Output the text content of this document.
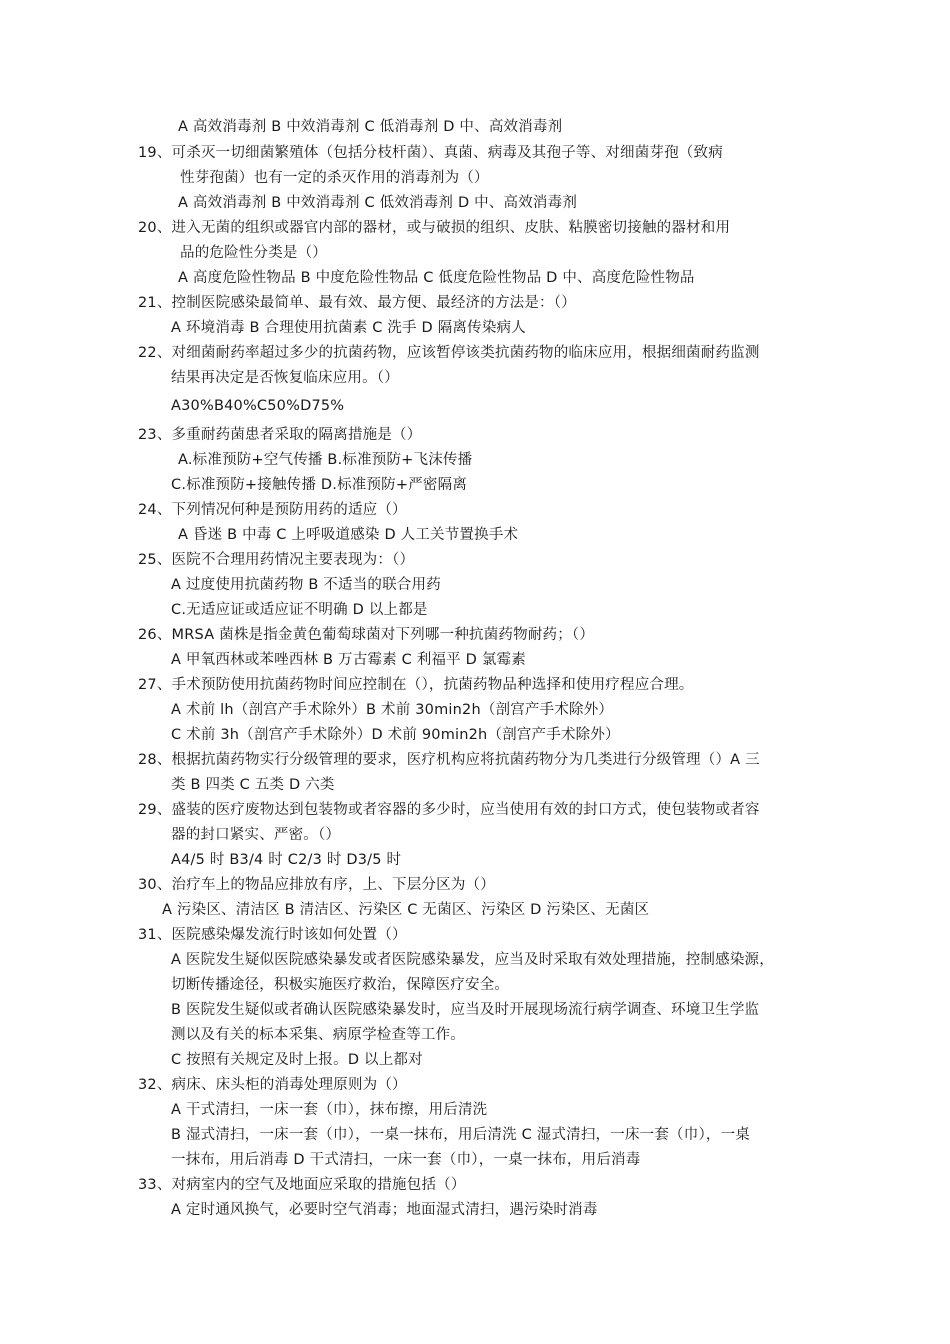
A 高效消毒剂 B 中效消毒剂 C 低消毒剂 D 中、高效消毒剂
19、可杀灭一切细菌繁殖体（包括分枝杆菌）、真菌、病毒及其孢子等、对细菌芽孢（致病
性芽孢菌）也有一定的杀灭作用的消毒剂为（）
A 高效消毒剂 B 中效消毒剂 C 低效消毒剂 D 中、高效消毒剂
20、进入无菌的组织或器官内部的器材，或与破损的组织、皮肤、粘膜密切接触的器材和用
品的危险性分类是（）
A 高度危险性物品 B 中度危险性物品 C 低度危险性物品 D 中、高度危险性物品
21、控制医院感染最简单、最有效、最方便、最经济的方法是：（）
A 环境消毒 B 合理使用抗菌素 C 洗手 D 隔离传染病人
22、对细菌耐药率超过多少的抗菌药物，应该暂停该类抗菌药物的临床应用，根据细菌耐药监测
结果再决定是否恢复临床应用。（）
A30%B40%C50%D75%
23、多重耐药菌患者采取的隔离措施是（）
A.标准预防+空气传播 B.标准预防+飞沫传播
C.标准预防+接触传播 D.标准预防+严密隔离
24、下列情况何种是预防用药的适应（）
A 昏迷 B 中毒 C 上呼吸道感染 D 人工关节置换手术
25、医院不合理用药情况主要表现为：（）
A 过度使用抗菌药物 B 不适当的联合用药
C.无适应证或适应证不明确 D 以上都是
26、MRSA 菌株是指金黄色葡萄球菌对下列哪一种抗菌药物耐药；（）
A 甲氧西林或苯唑西林 B 万古霉素 C 利福平 D 氯霉素
27、手术预防使用抗菌药物时间应控制在（），抗菌药物品种选择和使用疗程应合理。
A 术前 lh（剖宫产手术除外）B 术前 30min2h（剖宫产手术除外）
C 术前 3h（剖宫产手术除外）D 术前 90min2h（剖宫产手术除外）
28、根据抗菌药物实行分级管理的要求，医疗机构应将抗菌药物分为几类进行分级管理（）A 三
类 B 四类 C 五类 D 六类
29、盛装的医疗废物达到包装物或者容器的多少时，应当使用有效的封口方式，使包装物或者容
器的封口紧实、严密。（）
A4/5 时 B3/4 时 C2/3 时 D3/5 时
30、治疗车上的物品应排放有序，上、下层分区为（）
A 污染区、清洁区 B 清洁区、污染区 C 无菌区、污染区 D 污染区、无菌区
31、医院感染爆发流行时该如何处置（）
A 医院发生疑似医院感染暴发或者医院感染暴发，应当及时采取有效处理措施，控制感染源，
切断传播途径，积极实施医疗救治，保障医疗安全。
B 医院发生疑似或者确认医院感染暴发时，应当及时开展现场流行病学调查、环境卫生学监
测以及有关的标本采集、病原学检查等工作。
C 按照有关规定及时上报。D 以上都对
32、病床、床头柜的消毒处理原则为（）
A 干式清扫，一床一套（巾），抹布擦，用后清洗
B 湿式清扫，一床一套（巾），一桌一抹布，用后清洗 C 湿式清扫，一床一套（巾），一桌
一抹布，用后消毒 D 干式清扫，一床一套（巾），一桌一抹布，用后消毒
33、对病室内的空气及地面应采取的措施包括（）
A 定时通风换气，必要时空气消毒；地面湿式清扫，遇污染时消毒
